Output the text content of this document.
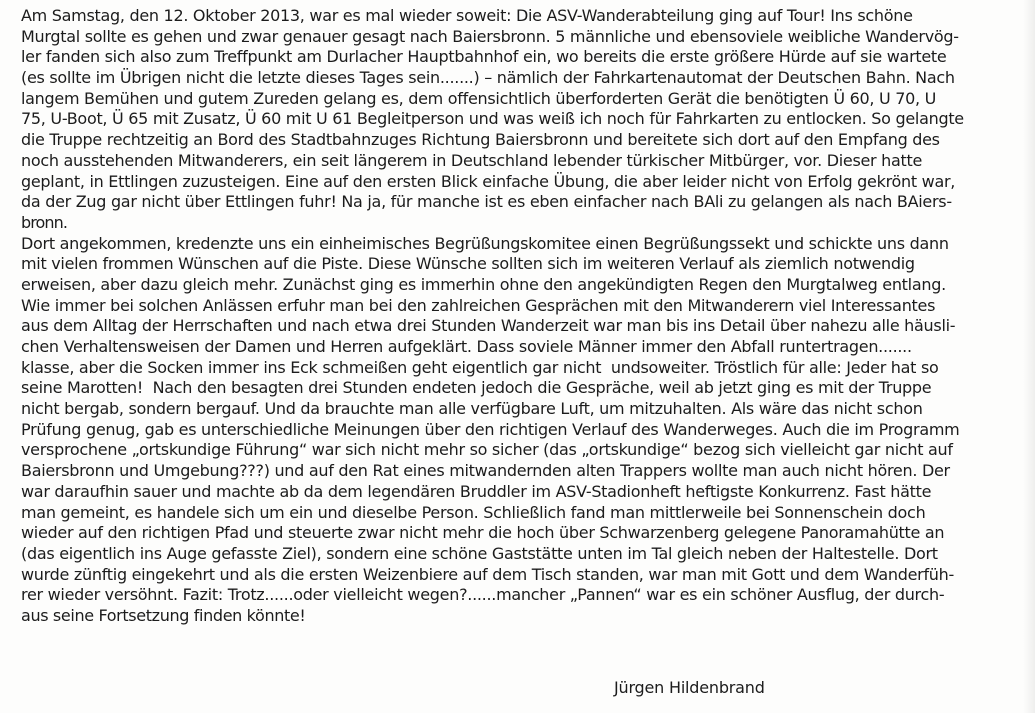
Am Samstag, den 12. Oktober 2013, war es mal wieder soweit: Die ASV-Wanderabteilung ging auf Tour! Ins schöne
Murgtal sollte es gehen und zwar genauer gesagt nach Baiersbronn. 5 männliche und ebensoviele weibliche Wandervög-
ler fanden sich also zum Treffpunkt am Durlacher Hauptbahnhof ein, wo bereits die erste größere Hürde auf sie wartete
(es sollte im Übrigen nicht die letzte dieses Tages sein.......) – nämlich der Fahrkartenautomat der Deutschen Bahn. Nach
langem Bemühen und gutem Zureden gelang es, dem offensichtlich überforderten Gerät die benötigten Ü 60, U 70, U
75, U-Boot, Ü 65 mit Zusatz, Ü 60 mit U 61 Begleitperson und was weiß ich noch für Fahrkarten zu entlocken. So gelangte
die Truppe rechtzeitig an Bord des Stadtbahnzuges Richtung Baiersbronn und bereitete sich dort auf den Empfang des
noch ausstehenden Mitwanderers, ein seit längerem in Deutschland lebender türkischer Mitbürger, vor. Dieser hatte
geplant, in Ettlingen zuzusteigen. Eine auf den ersten Blick einfache Übung, die aber leider nicht von Erfolg gekrönt war,
da der Zug gar nicht über Ettlingen fuhr! Na ja, für manche ist es eben einfacher nach BAli zu gelangen als nach BAiers-
bronn.
Dort angekommen, kredenzte uns ein einheimisches Begrüßungskomitee einen Begrüßungssekt und schickte uns dann
mit vielen frommen Wünschen auf die Piste. Diese Wünsche sollten sich im weiteren Verlauf als ziemlich notwendig
erweisen, aber dazu gleich mehr. Zunächst ging es immerhin ohne den angekündigten Regen den Murgtalweg entlang.
Wie immer bei solchen Anlässen erfuhr man bei den zahlreichen Gesprächen mit den Mitwanderern viel Interessantes
aus dem Alltag der Herrschaften und nach etwa drei Stunden Wanderzeit war man bis ins Detail über nahezu alle häusli-
chen Verhaltensweisen der Damen und Herren aufgeklärt. Dass soviele Männer immer den Abfall runtertragen.......
klasse, aber die Socken immer ins Eck schmeißen geht eigentlich gar nicht  undsoweiter. Tröstlich für alle: Jeder hat so
seine Marotten!  Nach den besagten drei Stunden endeten jedoch die Gespräche, weil ab jetzt ging es mit der Truppe
nicht bergab, sondern bergauf. Und da brauchte man alle verfügbare Luft, um mitzuhalten. Als wäre das nicht schon
Prüfung genug, gab es unterschiedliche Meinungen über den richtigen Verlauf des Wanderweges. Auch die im Programm
versprochene „ortskundige Führung“ war sich nicht mehr so sicher (das „ortskundige“ bezog sich vielleicht gar nicht auf
Baiersbronn und Umgebung???) und auf den Rat eines mitwandernden alten Trappers wollte man auch nicht hören. Der
war daraufhin sauer und machte ab da dem legendären Bruddler im ASV-Stadionheft heftigste Konkurrenz. Fast hätte
man gemeint, es handele sich um ein und dieselbe Person. Schließlich fand man mittlerweile bei Sonnenschein doch
wieder auf den richtigen Pfad und steuerte zwar nicht mehr die hoch über Schwarzenberg gelegene Panoramahütte an
(das eigentlich ins Auge gefasste Ziel), sondern eine schöne Gaststätte unten im Tal gleich neben der Haltestelle. Dort
wurde zünftig eingekehrt und als die ersten Weizenbiere auf dem Tisch standen, war man mit Gott und dem Wanderfüh-
rer wieder versöhnt. Fazit: Trotz......oder vielleicht wegen?......mancher „Pannen“ war es ein schöner Ausflug, der durch-
aus seine Fortsetzung finden könnte!
Jürgen Hildenbrand
